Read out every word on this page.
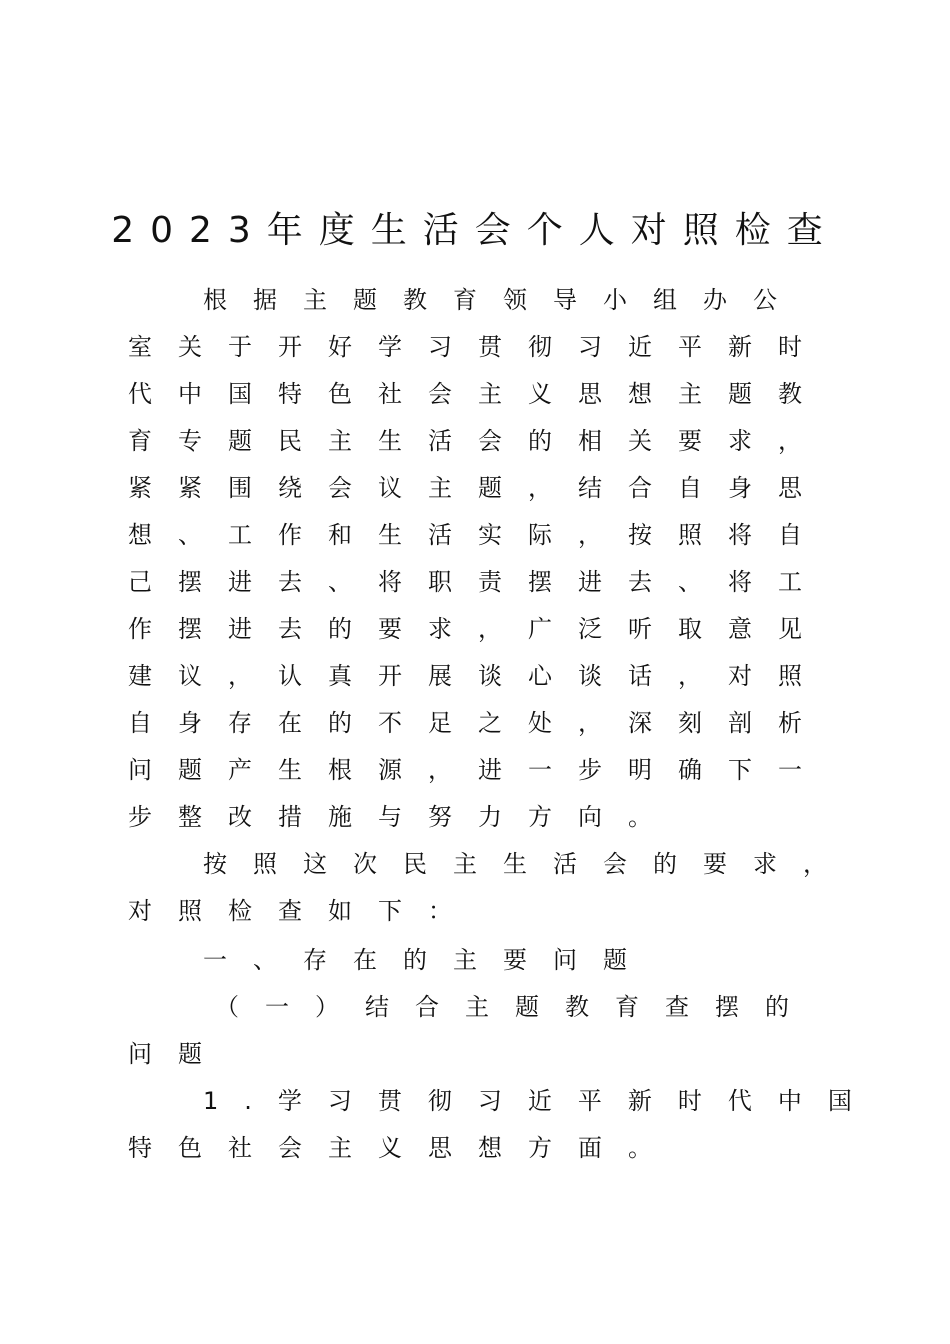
2023年度生活会个人对照检查
根据主题教育领导小组办公
室关于开好学习贯彻习近平新时
代中国特色社会主义思想主题教
育专题民主生活会的相关要求，
紧紧围绕会议主题，结合自身思
想、工作和生活实际，按照将自
己摆进去、将职责摆进去、将工
作摆进去的要求，广泛听取意见
建议，认真开展谈心谈话，对照
自身存在的不足之处，深刻剖析
问题产生根源，进一步明确下一
步整改措施与努力方向。
按照这次民主生活会的要求，
对照检查如下：
一、存在的主要问题
（一）结合主题教育查摆的
问题
1.学习贯彻习近平新时代中国
特色社会主义思想方面。
